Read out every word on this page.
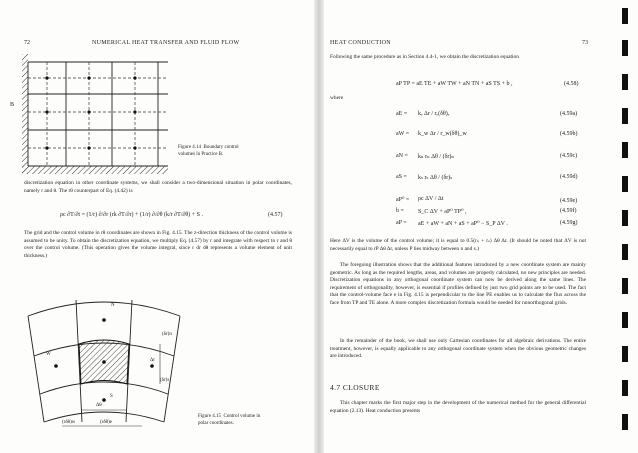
72	NUMERICAL HEAT TRANSFER AND FLUID FLOW
B
Figure 4.14  Boundary control
volumes in Practice B.
discretization equation in other coordinate systems, we shall consider a two-dimensional situation in polar coordinates, namely r and θ. The rθ counterpart of Eq. (4.42) is
ρc ∂T/∂t = (1/r) ∂/∂r (rk ∂T/∂r) + (1/r) ∂/∂θ (k/r ∂T/∂θ) + S .	(4.57)
The grid and the control volume in rθ coordinates are shown in Fig. 4.15. The z-direction thickness of the control volume is assumed to be unity. To obtain the discretization equation, we multiply Eq. (4.57) by r and integrate with respect to r and θ over the control volume. (This operation gives the volume integral, since r dr dθ represents a volume element of unit thickness.)
N
W
S
Δr
(δr)n
(δr)s
Δθ
(rδθ)w	(rδθ)e
Figure 4.15  Control volume in
polar coordinates.
HEAT CONDUCTION	73
Following the same procedure as in Section 4.4-1, we obtain the discretization equation
aP TP = aE TE + aW TW + aN TN + aS TS + b ,	(4.58)
where
aE = kₑ Δr / rₑ(δθ)ₑ	(4.59a)
aW = k_w Δr / r_w(δθ)_w	(4.59b)
aN = kₙ rₙ Δθ / (δr)ₙ	(4.59c)
aS = kₛ rₛ Δθ / (δr)ₛ	(4.59d)
aP⁰ = ρc ΔV / Δt	(4.59e)
b = S_C ΔV + aP⁰ TP⁰ ,	(4.59f)
aP = aE + aW + aN + aS + aP⁰ − S_P ΔV .	(4.59g)
Here ΔV is the volume of the control volume; it is equal to 0.5(rₙ + rₛ) Δθ Δr. (It should be noted that ΔV is not necessarily equal to rP Δθ Δr, unless P lies midway between n and s.)
The foregoing illustration shows that the additional features introduced by a new coordinate system are mainly geometric. As long as the required lengths, areas, and volumes are properly calculated, no new principles are needed. Discretization equations in any orthogonal coordinate system can now be derived along the same lines. The requirement of orthogonality, however, is essential if profiles defined by just two grid points are to be used. The fact that the control-volume face e in Fig. 4.15 is perpendicular to the line PE enables us to calculate the flux across the face from TP and TE alone. A more complex discretization formula would be needed for nonorthogonal grids.
In the remainder of the book, we shall use only Cartesian coordinates for all algebraic derivations. The entire treatment, however, is equally applicable to any orthogonal coordinate system when the obvious geometric changes are introduced.
4.7 CLOSURE
This chapter marks the first major step in the development of the numerical method for the general differential equation (2.13). Heat conduction presents
